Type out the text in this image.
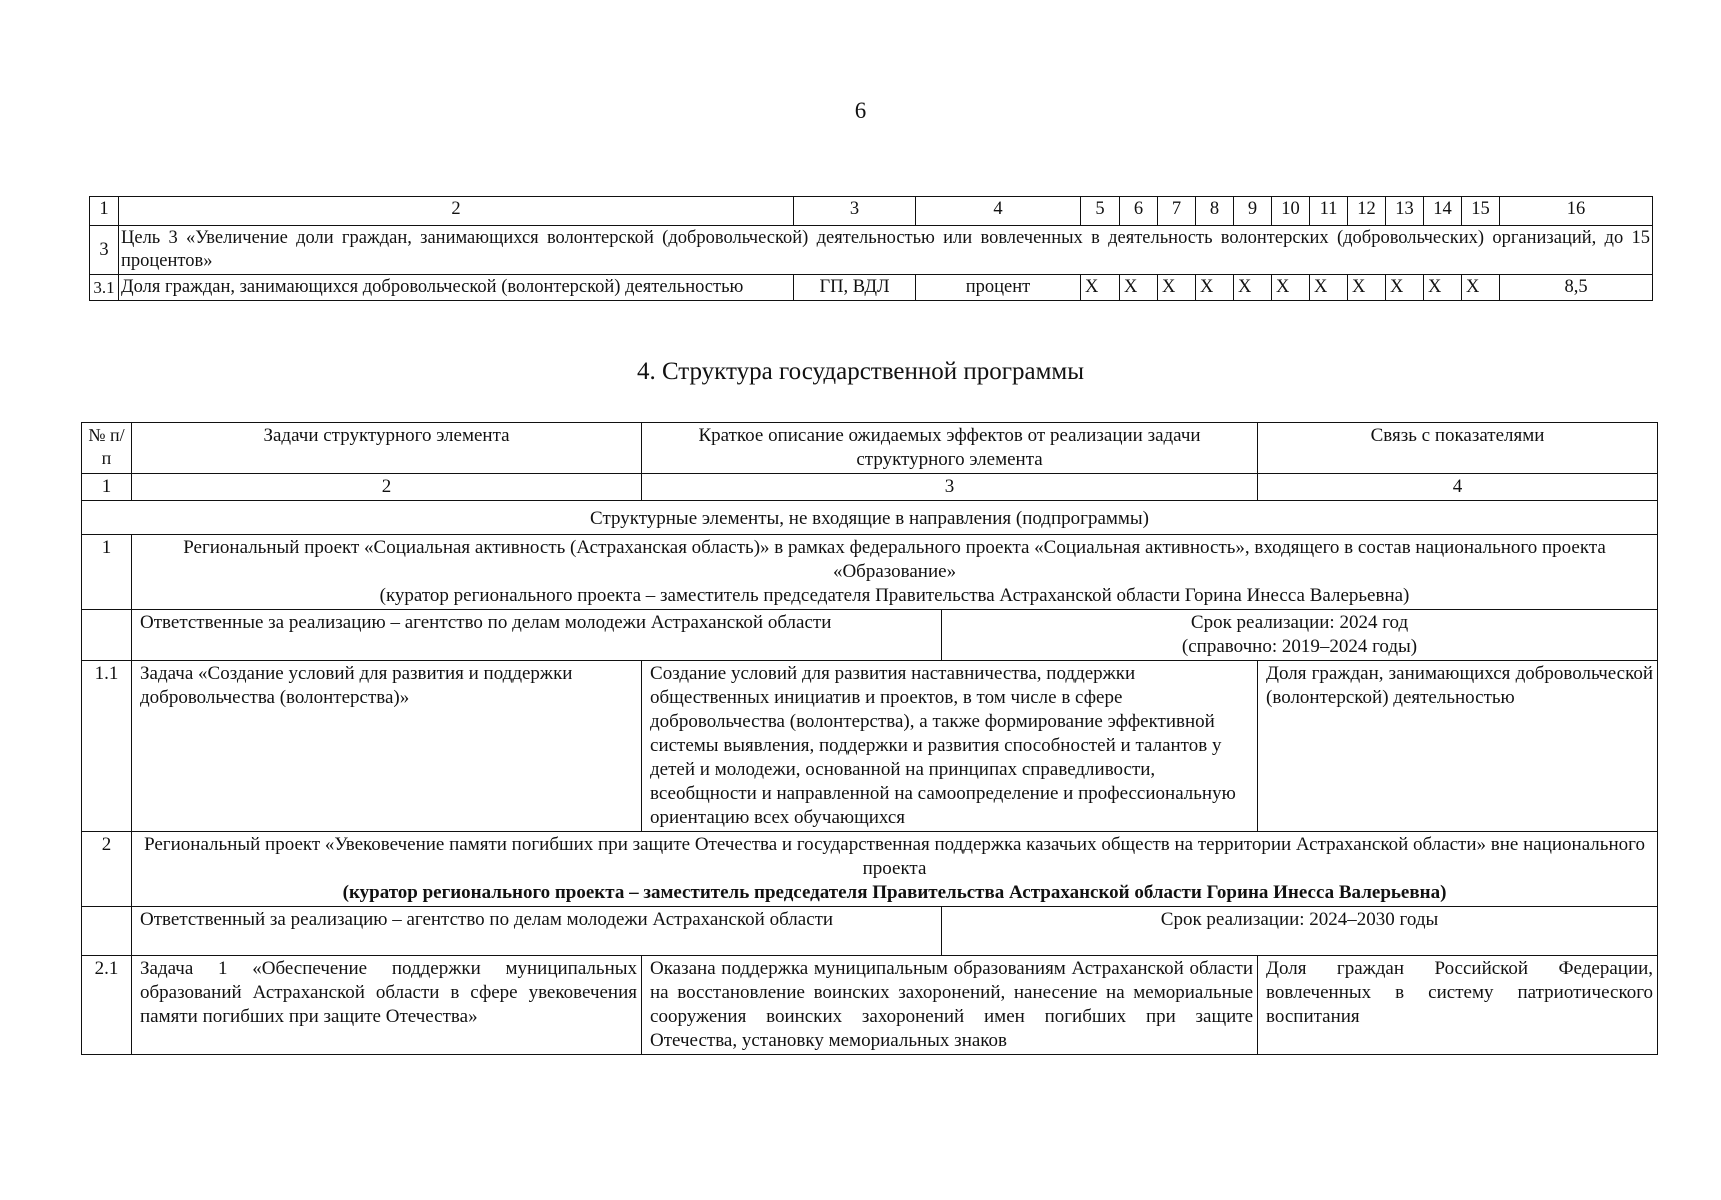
6
1	2	3	4	5	6	7	8	9	10	11	12	13	14	15	16
3	Цель 3 «Увеличение доли граждан, занимающихся волонтерской (добровольческой) деятельностью или вовлеченных в деятельность волонтерских (добровольческих) организаций, до 15 процентов»														
3.1	Доля граждан, занимающихся добровольческой (волонтерской) деятельностью	ГП, ВДЛ	процент	X	X	X	X	X	X	X	X	X	X	X	8,5
4. Структура государственной программы
№ п/п	Задачи структурного элемента	Краткое описание ожидаемых эффектов от реализации задачи структурного элемента		Связь с показателями
1	2	3		4
Структурные элементы, не входящие в направления (подпрограммы)				
1	Региональный проект «Социальная активность (Астраханская область)» в рамках федерального проекта «Социальная активность», входящего в состав национального проекта «Образование»
(куратор регионального проекта – заместитель председателя Правительства Астраханской области Горина Инесса Валерьевна)			

	Ответственные за реализацию – агентство по делам молодежи Астраханской области		Срок реализации: 2024 год
(справочно: 2019–2024 годы)	

1.1	Задача «Создание условий для развития и поддержки добровольчества (волонтерства)»	Создание условий для развития наставничества, поддержки общественных инициатив и проектов, в том числе в сфере добровольчества (волонтерства), а также формирование эффективной системы выявления, поддержки и развития способностей и талантов у детей и молодежи, основанной на принципах справедливости, всеобщности и направленной на самоопределение и профессиональную ориентацию всех обучающихся		Доля граждан, занимающихся добровольческой (волонтерской) деятельностью
2	Региональный проект «Увековечение памяти погибших при защите Отечества и государственная поддержка казачьих обществ на территории Астраханской области» вне национального проекта
(куратор регионального проекта – заместитель председателя Правительства Астраханской области Горина Инесса Валерьевна)			

	Ответственный за реализацию – агентство по делам молодежи Астраханской области		Срок реализации: 2024–2030 годы	

2.1	Задача 1 «Обеспечение поддержки муниципальных образований Астраханской области в сфере увековечения памяти погибших при защите Отечества»	Оказана поддержка муниципальным образованиям Астраханской области на восстановление воинских захоронений, нанесение на мемориальные сооружения воинских захоронений имен погибших при защите Отечества, установку мемориальных знаков		Доля граждан Российской Федерации, вовлеченных в систему патриотического воспитания
